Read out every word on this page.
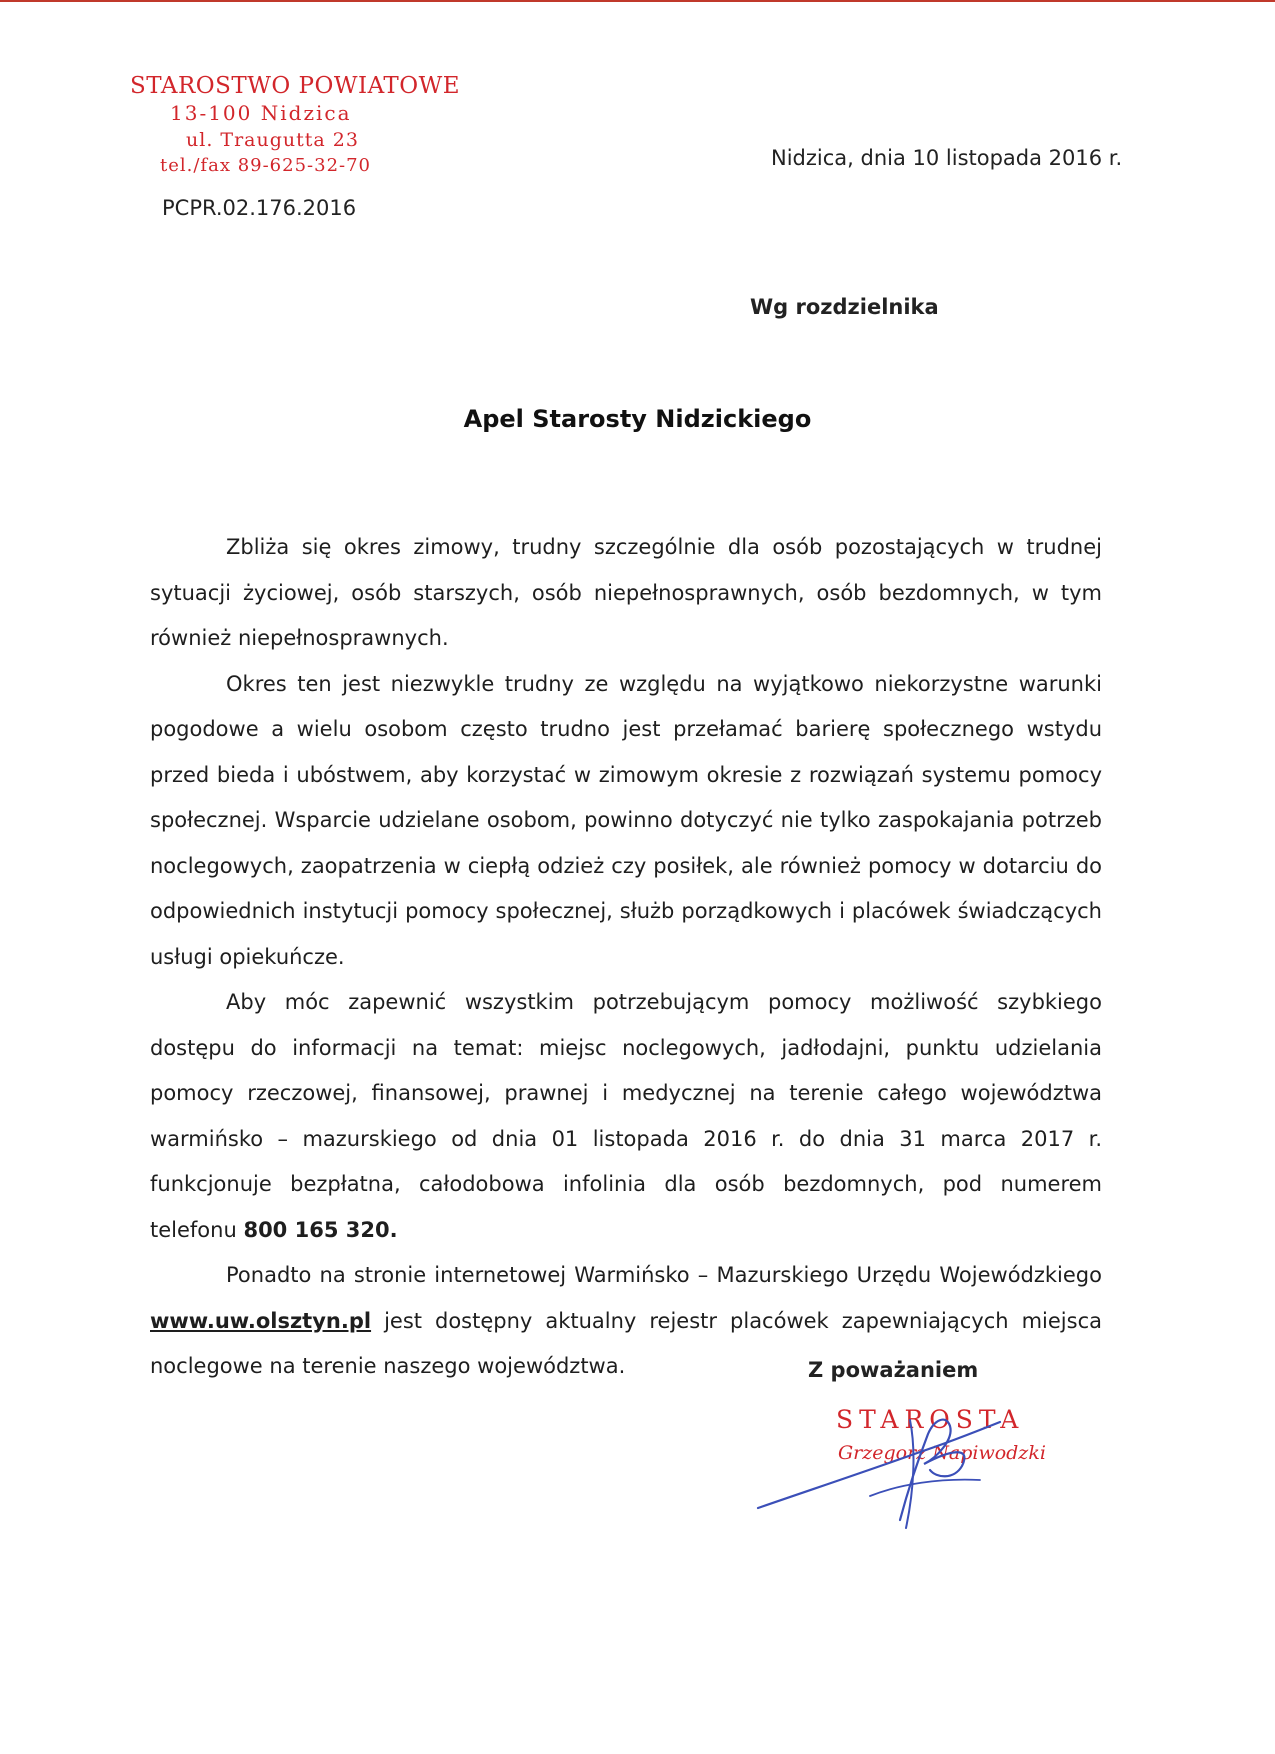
STAROSTWO POWIATOWE
13-100 Nidzica
ul. Traugutta 23
tel./fax 89-625-32-70
PCPR.02.176.2016
Nidzica, dnia 10 listopada 2016 r.
Wg rozdzielnika
Apel Starosty Nidzickiego

Zbliża się okres zimowy, trudny szczególnie dla osób pozostających w trudnej sytuacji życiowej, osób starszych, osób niepełnosprawnych, osób bezdomnych, w tym również niepełnosprawnych.

Okres ten jest niezwykle trudny ze względu na wyjątkowo niekorzystne warunki pogodowe a wielu osobom często trudno jest przełamać barierę społecznego wstydu przed bieda i ubóstwem, aby korzystać w zimowym okresie z rozwiązań systemu pomocy społecznej. Wsparcie udzielane osobom, powinno dotyczyć nie tylko zaspokajania potrzeb noclegowych, zaopatrzenia w ciepłą odzież czy posiłek, ale również pomocy w dotarciu do odpowiednich instytucji pomocy społecznej, służb porządkowych i placówek świadczących usługi opiekuńcze.

Aby móc zapewnić wszystkim potrzebującym pomocy możliwość szybkiego dostępu do informacji na temat: miejsc noclegowych, jadłodajni, punktu udzielania pomocy rzeczowej, finansowej, prawnej i medycznej na terenie całego województwa warmińsko – mazurskiego od dnia 01 listopada 2016 r. do dnia 31 marca 2017 r. funkcjonuje bezpłatna, całodobowa infolinia dla osób bezdomnych, pod numerem telefonu 800 165 320.

Ponadto na stronie internetowej Warmińsko – Mazurskiego Urzędu Wojewódzkiego www.uw.olsztyn.pl jest dostępny aktualny rejestr placówek zapewniających miejsca noclegowe na terenie naszego województwa.	Z poważaniem
STAROSTA
Grzegorz Napiwodzki
